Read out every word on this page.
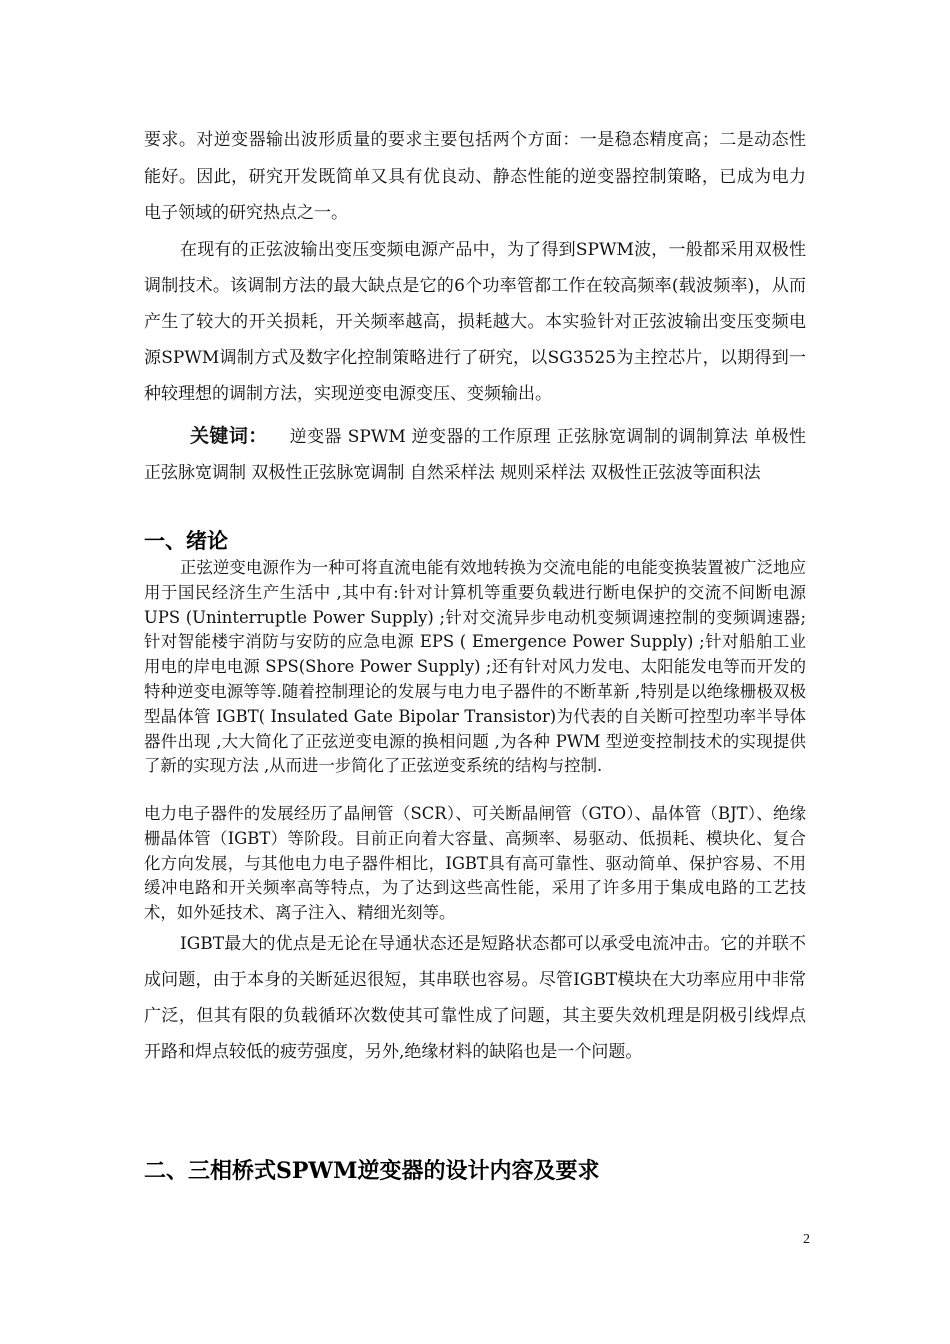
要求。对逆变器输出波形质量的要求主要包括两个方面：一是稳态精度高；二是动态性能好。因此，研究开发既简单又具有优良动、静态性能的逆变器控制策略，已成为电力电子领域的研究热点之一。

在现有的正弦波输出变压变频电源产品中，为了得到SPWM波，一般都采用双极性调制技术。该调制方法的最大缺点是它的6个功率管都工作在较高频率(载波频率)，从而产生了较大的开关损耗，开关频率越高，损耗越大。本实验针对正弦波输出变压变频电源SPWM调制方式及数字化控制策略进行了研究，以SG3525为主控芯片，以期得到一种较理想的调制方法，实现逆变电源变压、变频输出。

关键词： 逆变器 SPWM 逆变器的工作原理 正弦脉宽调制的调制算法 单极性正弦脉宽调制 双极性正弦脉宽调制 自然采样法 规则采样法 双极性正弦波等面积法

一、绪论

正弦逆变电源作为一种可将直流电能有效地转换为交流电能的电能变换装置被广泛地应用于国民经济生产生活中 ,其中有:针对计算机等重要负载进行断电保护的交流不间断电源 UPS (Uninterruptle Power Supply) ;针对交流异步电动机变频调速控制的变频调速器;针对智能楼宇消防与安防的应急电源 EPS ( Emergence Power Supply) ;针对船舶工业用电的岸电电源 SPS(Shore Power Supply) ;还有针对风力发电、太阳能发电等而开发的特种逆变电源等等.随着控制理论的发展与电力电子器件的不断革新 ,特别是以绝缘栅极双极型晶体管 IGBT( Insulated Gate Bipolar Transistor)为代表的自关断可控型功率半导体器件出现 ,大大简化了正弦逆变电源的换相问题 ,为各种 PWM 型逆变控制技术的实现提供了新的实现方法 ,从而进一步简化了正弦逆变系统的结构与控制.

电力电子器件的发展经历了晶闸管（SCR）、可关断晶闸管（GTO）、晶体管（BJT）、绝缘栅晶体管（IGBT）等阶段。目前正向着大容量、高频率、易驱动、低损耗、模块化、复合化方向发展，与其他电力电子器件相比，IGBT具有高可靠性、驱动简单、保护容易、不用缓冲电路和开关频率高等特点，为了达到这些高性能，采用了许多用于集成电路的工艺技术，如外延技术、离子注入、精细光刻等。

IGBT最大的优点是无论在导通状态还是短路状态都可以承受电流冲击。它的并联不成问题，由于本身的关断延迟很短，其串联也容易。尽管IGBT模块在大功率应用中非常广泛，但其有限的负载循环次数使其可靠性成了问题，其主要失效机理是阴极引线焊点开路和焊点较低的疲劳强度，另外,绝缘材料的缺陷也是一个问题。

二、三相桥式SPWM逆变器的设计内容及要求
2
